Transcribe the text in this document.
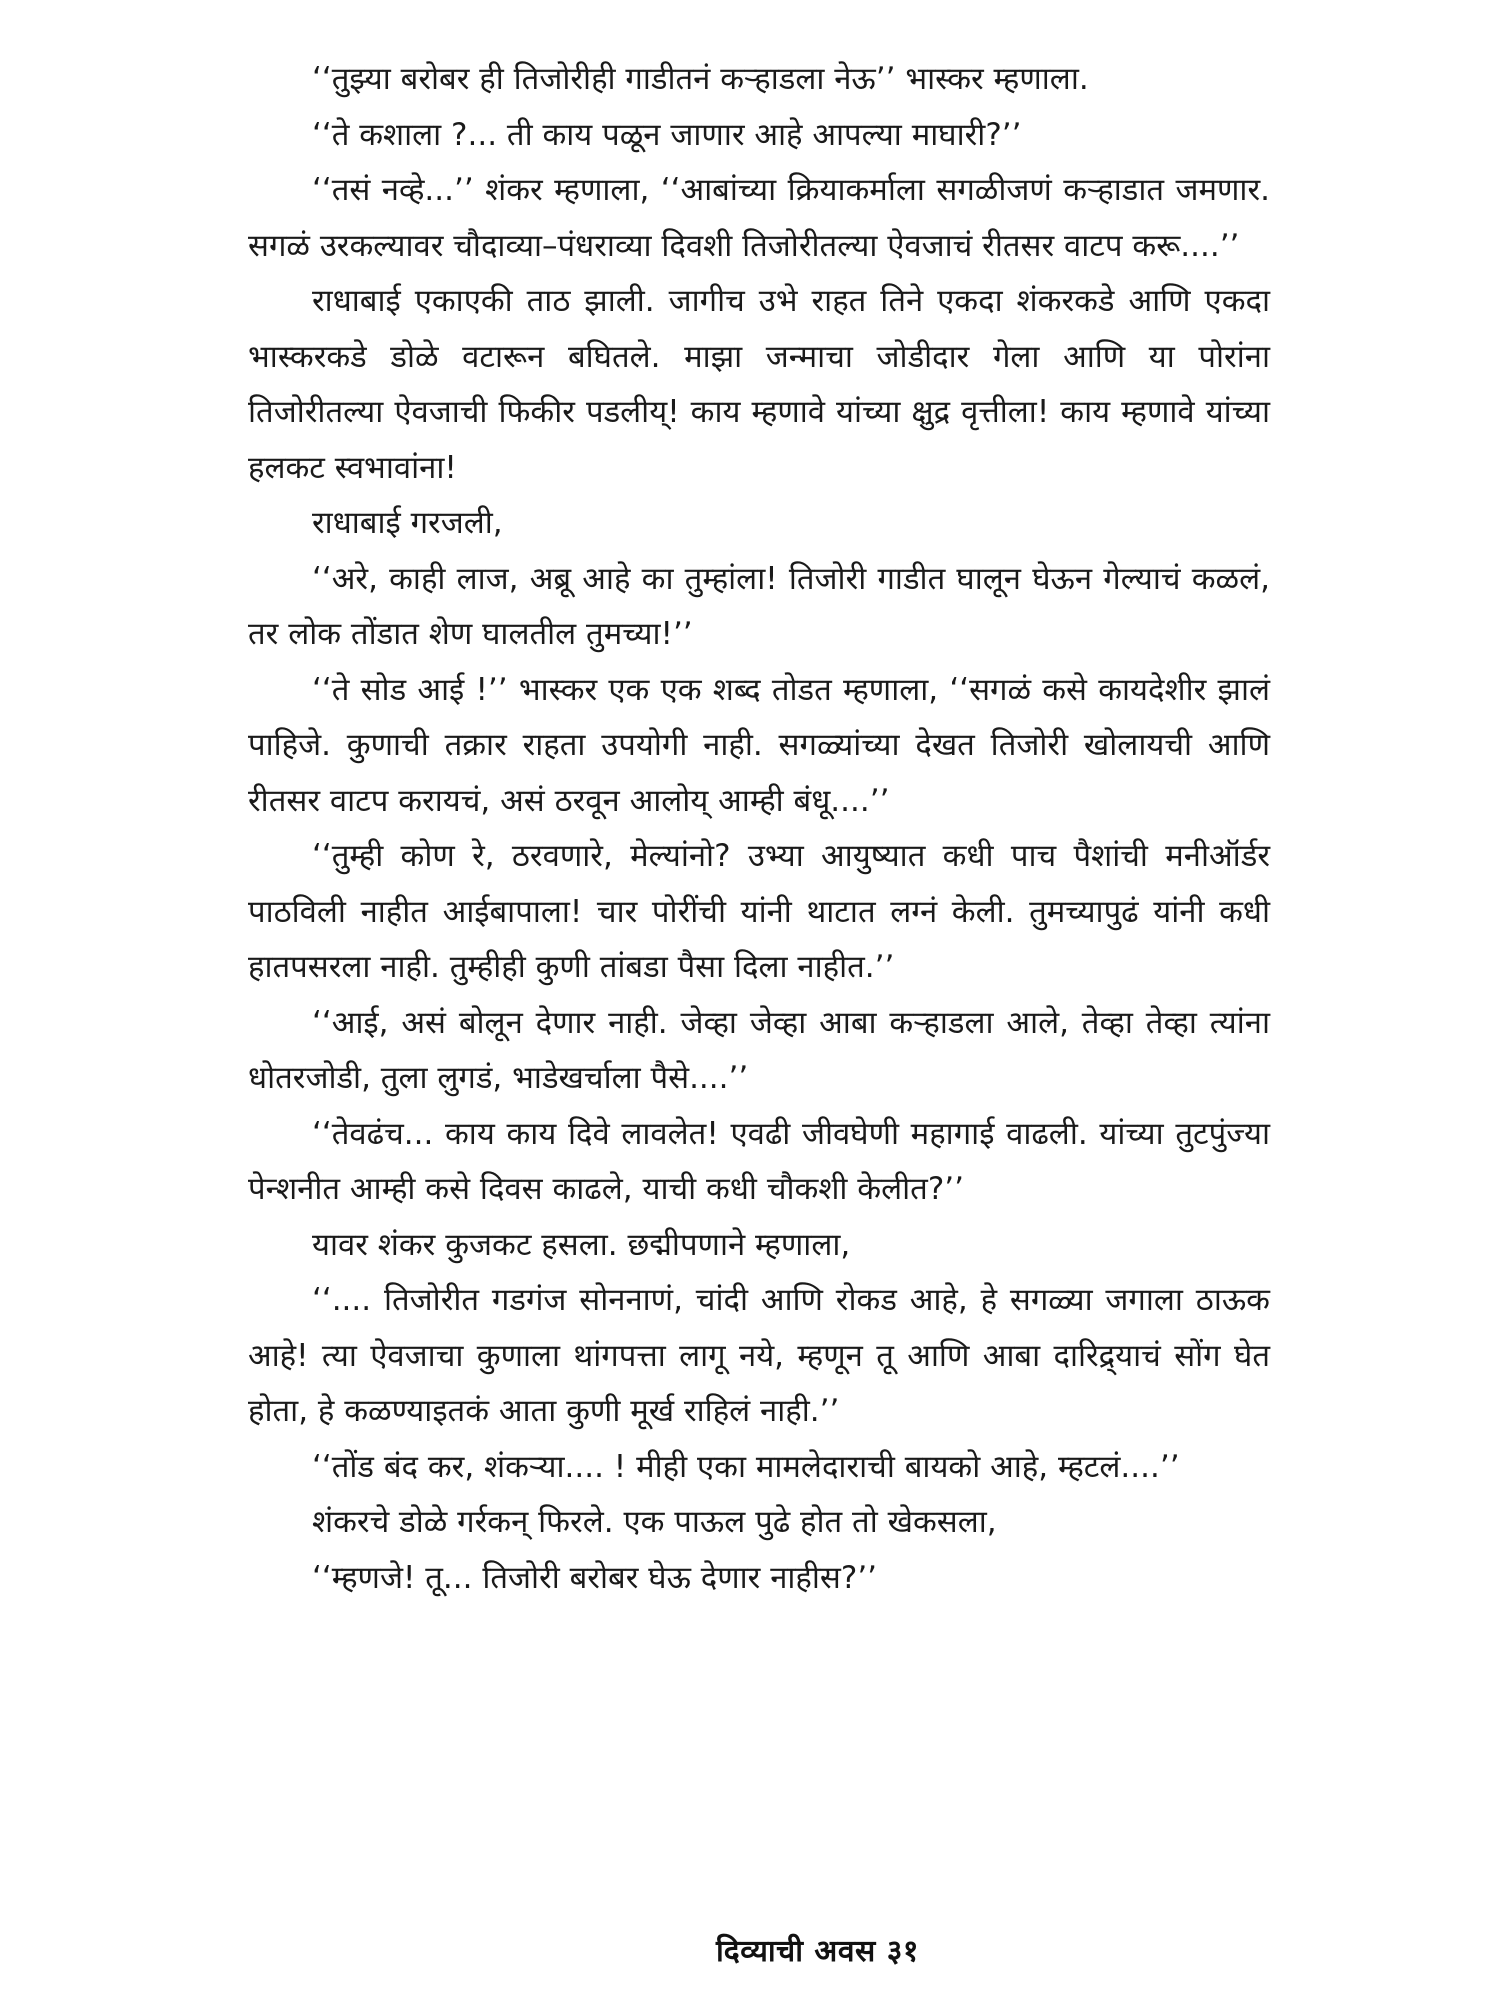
‘‘तुझ्या बरोबर ही तिजोरीही गाडीतनं कऱ्हाडला नेऊ’’ भास्कर म्हणाला.

‘‘ते कशाला ?... ती काय पळून जाणार आहे आपल्या माघारी?’’

‘‘तसं नव्हे...’’ शंकर म्हणाला, ‘‘आबांच्या क्रियाकर्माला सगळीजणं कऱ्हाडात जमणार. सगळं उरकल्यावर चौदाव्या–पंधराव्या दिवशी तिजोरीतल्या ऐवजाचं रीतसर वाटप करू....’’

राधाबाई एकाएकी ताठ झाली. जागीच उभे राहत तिने एकदा शंकरकडे आणि एकदा भास्करकडे डोळे वटारून बघितले. माझा जन्माचा जोडीदार गेला आणि या पोरांना तिजोरीतल्या ऐवजाची फिकीर पडलीय्! काय म्हणावे यांच्या क्षुद्र वृत्तीला! काय म्हणावे यांच्या हलकट स्वभावांना!

राधाबाई गरजली,

‘‘अरे, काही लाज, अब्रू आहे का तुम्हांला! तिजोरी गाडीत घालून घेऊन गेल्याचं कळलं, तर लोक तोंडात शेण घालतील तुमच्या!’’

‘‘ते सोड आई !’’ भास्कर एक एक शब्द तोडत म्हणाला, ‘‘सगळं कसे कायदेशीर झालं पाहिजे. कुणाची तक्रार राहता उपयोगी नाही. सगळ्यांच्या देखत तिजोरी खोलायची आणि रीतसर वाटप करायचं, असं ठरवून आलोय् आम्ही बंधू....’’

‘‘तुम्ही कोण रे, ठरवणारे, मेल्यांनो? उभ्या आयुष्यात कधी पाच पैशांची मनीऑर्डर पाठविली नाहीत आईबापाला! चार पोरींची यांनी थाटात लग्नं केली. तुमच्यापुढं यांनी कधी हातपसरला नाही. तुम्हीही कुणी तांबडा पैसा दिला नाहीत.’’

‘‘आई, असं बोलून देणार नाही. जेव्हा जेव्हा आबा कऱ्हाडला आले, तेव्हा तेव्हा त्यांना धोतरजोडी, तुला लुगडं, भाडेखर्चाला पैसे....’’

‘‘तेवढंच... काय काय दिवे लावलेत! एवढी जीवघेणी महागाई वाढली. यांच्या तुटपुंज्या पेन्शनीत आम्ही कसे दिवस काढले, याची कधी चौकशी केलीत?’’

यावर शंकर कुजकट हसला. छद्मीपणाने म्हणाला,

‘‘.... तिजोरीत गडगंज सोननाणं, चांदी आणि रोकड आहे, हे सगळ्या जगाला ठाऊक आहे! त्या ऐवजाचा कुणाला थांगपत्ता लागू नये, म्हणून तू आणि आबा दारिद्र्याचं सोंग घेत होता, हे कळण्याइतकं आता कुणी मूर्ख राहिलं नाही.’’

‘‘तोंड बंद कर, शंकऱ्या.... ! मीही एका मामलेदाराची बायको आहे, म्हटलं....’’

शंकरचे डोळे गर्रकन् फिरले. एक पाऊल पुढे होत तो खेकसला,

‘‘म्हणजे! तू... तिजोरी बरोबर घेऊ देणार नाहीस?’’

दिव्याची अवस ३१
